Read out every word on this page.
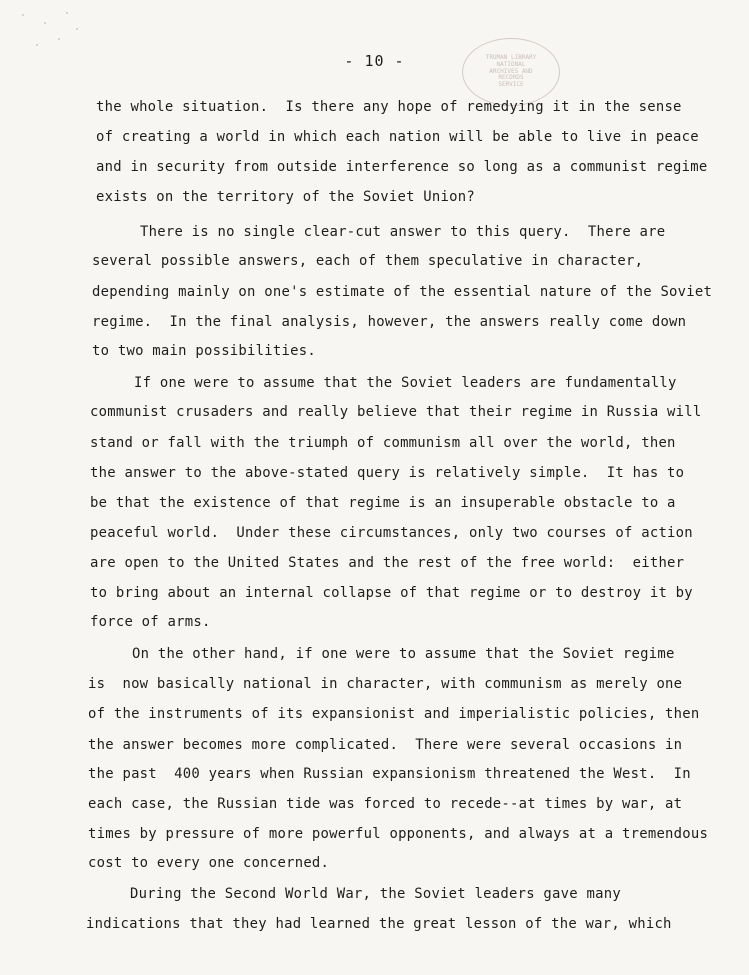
- 10 -	TRUMAN LIBRARY
NATIONAL
ARCHIVES AND
RECORDS
SERVICE
the whole situation.  Is there any hope of remedying it in the sense
of creating a world in which each nation will be able to live in peace
and in security from outside interference so long as a communist regime
exists on the territory of the Soviet Union?
There is no single clear-cut answer to this query.  There are
several possible answers, each of them speculative in character,
depending mainly on one's estimate of the essential nature of the Soviet
regime.  In the final analysis, however, the answers really come down
to two main possibilities.
If one were to assume that the Soviet leaders are fundamentally
communist crusaders and really believe that their regime in Russia will
stand or fall with the triumph of communism all over the world, then
the answer to the above-stated query is relatively simple.  It has to
be that the existence of that regime is an insuperable obstacle to a
peaceful world.  Under these circumstances, only two courses of action
are open to the United States and the rest of the free world:  either
to bring about an internal collapse of that regime or to destroy it by
force of arms.
On the other hand, if one were to assume that the Soviet regime
is  now basically national in character, with communism as merely one
of the instruments of its expansionist and imperialistic policies, then
the answer becomes more complicated.  There were several occasions in
the past  400 years when Russian expansionism threatened the West.  In
each case, the Russian tide was forced to recede--at times by war, at
times by pressure of more powerful opponents, and always at a tremendous
cost to every one concerned.
During the Second World War, the Soviet leaders gave many
indications that they had learned the great lesson of the war, which
